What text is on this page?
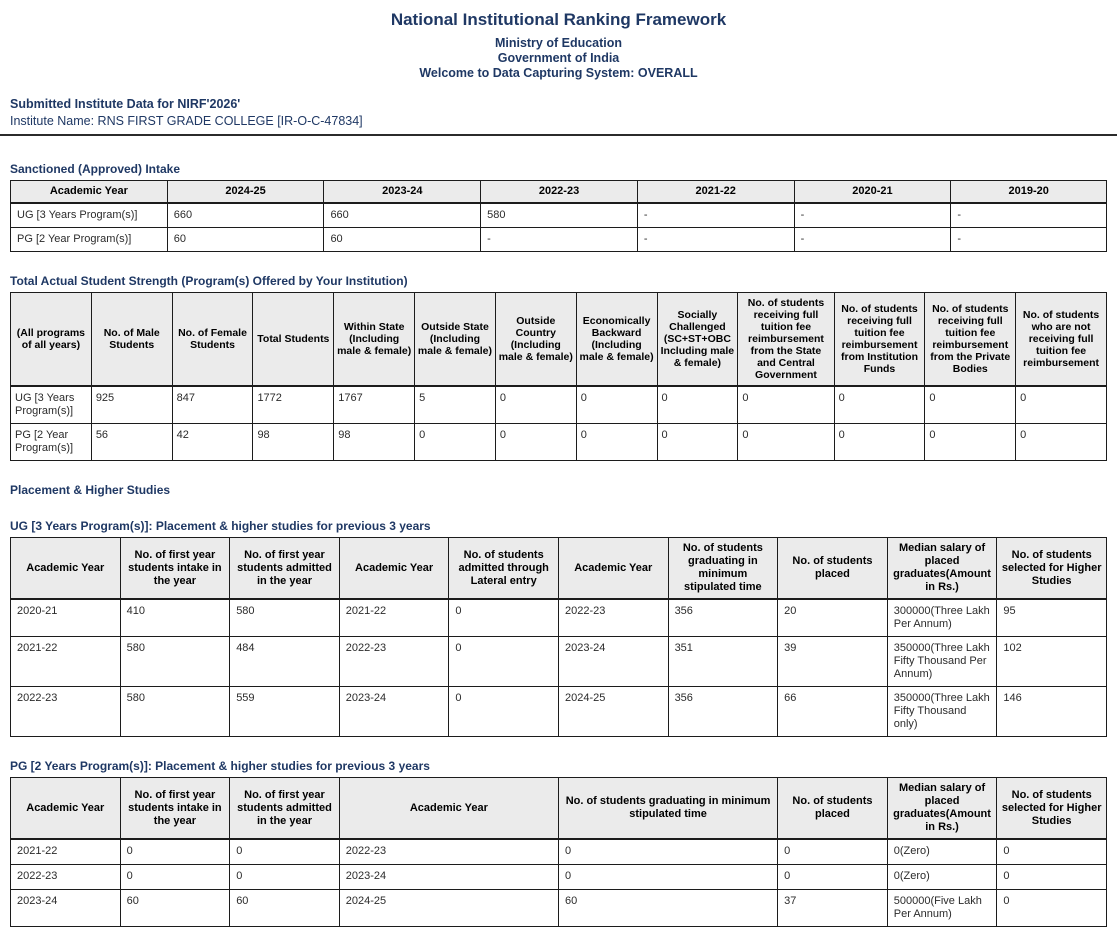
National Institutional Ranking Framework
Ministry of Education
Government of India
Welcome to Data Capturing System: OVERALL
Submitted Institute Data for NIRF'2026'
Institute Name: RNS FIRST GRADE COLLEGE [IR-O-C-47834]
Sanctioned (Approved) Intake
Academic Year	2024-25	2023-24	2022-23	2021-22	2020-21	2019-20
UG [3 Years Program(s)]	660	660	580	-	-	-
PG [2 Year Program(s)]	60	60	-	-	-	-
Total Actual Student Strength (Program(s) Offered by Your Institution)
(All programs of all years)	No. of Male Students	No. of Female Students	Total Students	Within State (Including male & female)	Outside State (Including male & female)	Outside Country (Including male & female)	Economically Backward (Including male & female)	Socially Challenged (SC+ST+OBC Including male & female)	No. of students receiving full tuition fee reimbursement from the State and Central Government	No. of students receiving full tuition fee reimbursement from Institution Funds	No. of students receiving full tuition fee reimbursement from the Private Bodies	No. of students who are not receiving full tuition fee reimbursement
UG [3 Years Program(s)]	925	847	1772	1767	5	0	0	0	0	0	0	0
PG [2 Year Program(s)]	56	42	98	98	0	0	0	0	0	0	0	0
Placement & Higher Studies
UG [3 Years Program(s)]: Placement & higher studies for previous 3 years
Academic Year	No. of first year students intake in the year	No. of first year students admitted in the year	Academic Year	No. of students admitted through Lateral entry	Academic Year	No. of students graduating in minimum stipulated time	No. of students placed	Median salary of placed graduates(Amount in Rs.)	No. of students selected for Higher Studies
2020-21	410	580	2021-22	0	2022-23	356	20	300000(Three Lakh Per Annum)	95
2021-22	580	484	2022-23	0	2023-24	351	39	350000(Three Lakh Fifty Thousand Per Annum)	102
2022-23	580	559	2023-24	0	2024-25	356	66	350000(Three Lakh Fifty Thousand only)	146
PG [2 Years Program(s)]: Placement & higher studies for previous 3 years
Academic Year	No. of first year students intake in the year	No. of first year students admitted in the year	Academic Year	No. of students graduating in minimum stipulated time	No. of students placed	Median salary of placed graduates(Amount in Rs.)	No. of students selected for Higher Studies
2021-22	0	0	2022-23	0	0	0(Zero)	0
2022-23	0	0	2023-24	0	0	0(Zero)	0
2023-24	60	60	2024-25	60	37	500000(Five Lakh Per Annum)	0
